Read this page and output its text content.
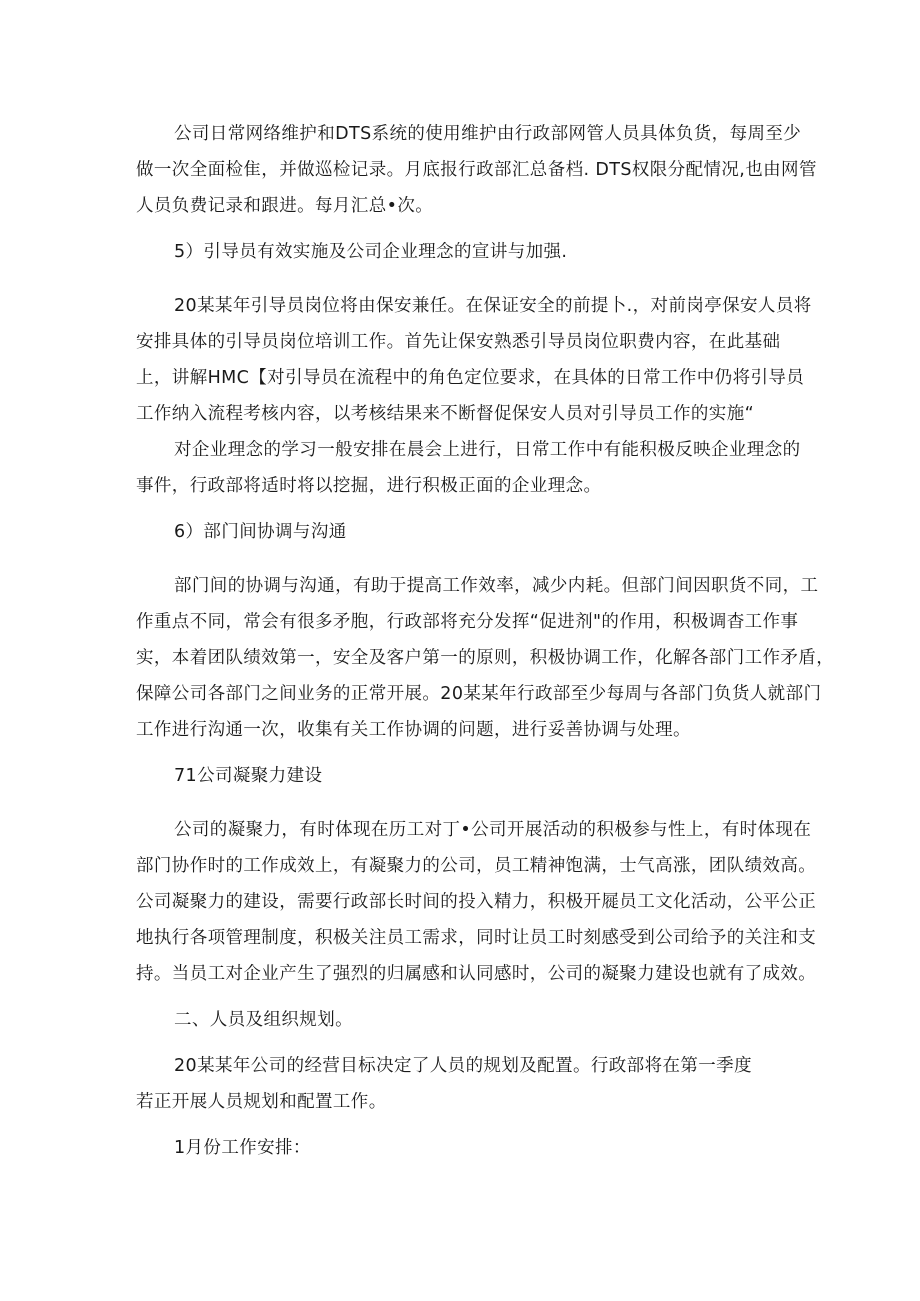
公司日常网络维护和DTS系统的使用维护由行政部网管人员具体负货，每周至少
做一次全面检隹，并做巡检记录。月底报行政部汇总备档. DTS权限分配情况,也由网管
人员负费记录和跟进。每月汇总•次。
5）引导员有效实施及公司企业理念的宣讲与加强.
20某某年引导员岗位将由保安兼任。在保证安全的前提卜.，对前岗亭保安人员将
安排具体的引导员岗位培训工作。首先让保安熟悉引导员岗位职费内容，在此基础
上，讲解HMC【对引导员在流程中的角色定位要求，在具体的日常工作中仍将引导员
工作纳入流程考核内容，以考核结果来不断督促保安人员对引导员工作的实施“
对企业理念的学习一般安排在晨会上进行，日常工作中有能积极反映企业理念的
事件，行政部将适时将以挖掘，进行积极正面的企业理念。
6）部门间协调与沟通
部门间的协调与沟通，有助于提高工作效率，减少内耗。但部门间因职货不同，工
作重点不同，常会有很多矛胞，行政部将充分发挥“促进剂"的作用，积极调杳工作事
实，本着团队绩效第一，安全及客户第一的原则，积极协调工作，化解各部门工作矛盾，
保障公司各部门之间业务的正常开展。20某某年行政部至少每周与各部门负货人就部门
工作进行沟通一次，收集有关工作协调的问题，进行妥善协调与处理。
71公司凝聚力建设
公司的凝聚力，有时体现在历工对丁•公司开展活动的积极参与性上，有时体现在
部门协作时的工作成效上，有凝聚力的公司，员工精神饱满，士气高涨，团队绩效高。
公司凝聚力的建设，需要行政部长时间的投入精力，积极开屣员工文化活动，公平公正
地执行各项管理制度，积极关注员工需求，同时让员工时刻感受到公司给予的关注和支
持。当员工对企业产生了强烈的归属感和认同感时，公司的凝聚力建设也就有了成效。
二、人员及组织规划。
20某某年公司的经营目标决定了人员的规划及配置。行政部将在第一季度
若正开展人员规划和配置工作。
1月份工作安排：
